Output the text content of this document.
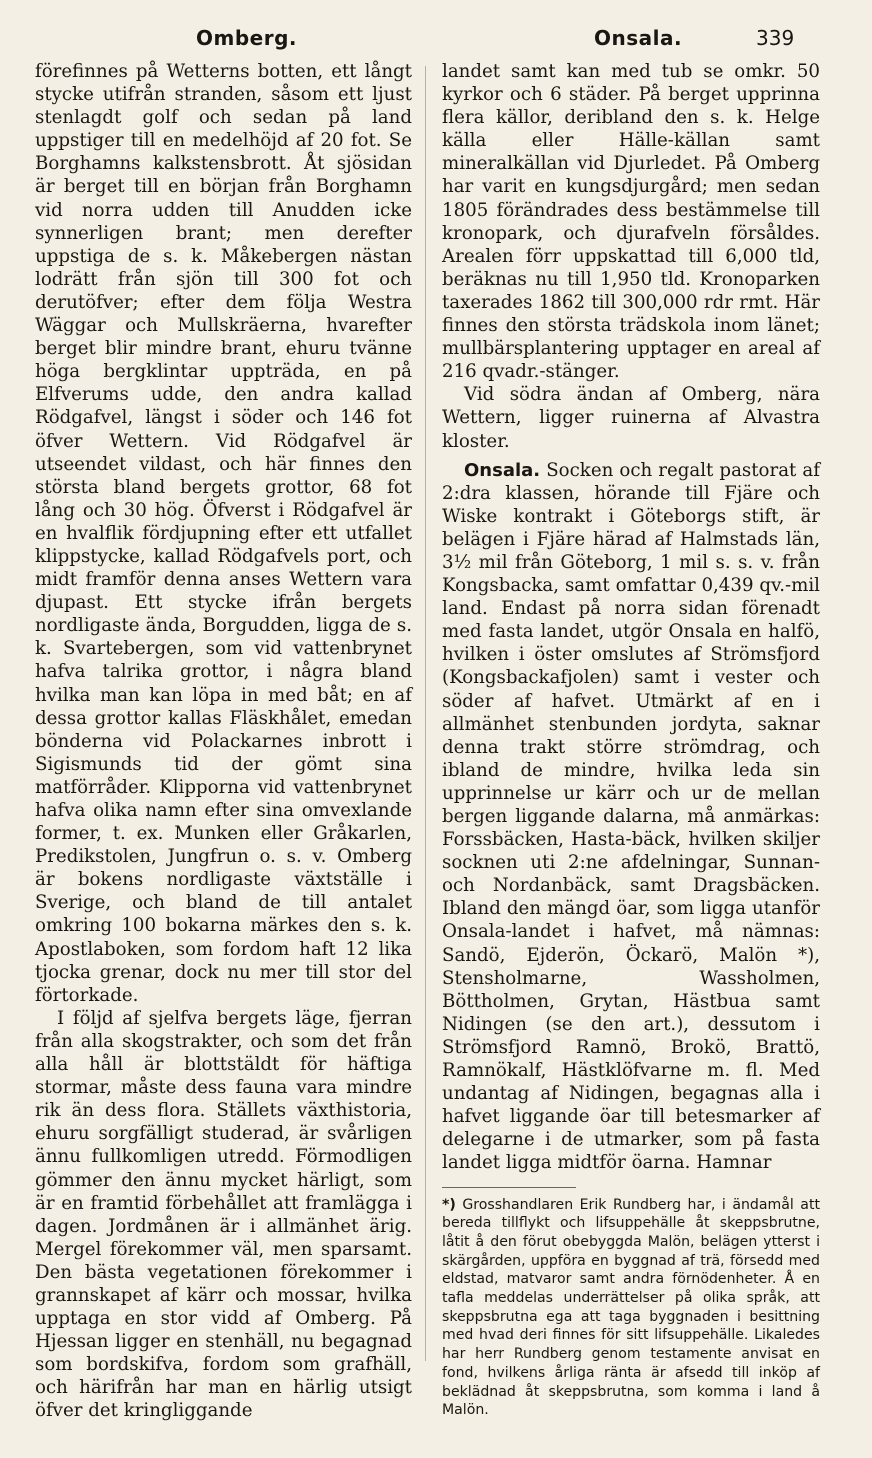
Omberg.	Onsala.	339

förefinnes på Wetterns botten, ett långt stycke utifrån stranden, såsom ett ljust stenlagdt golf och sedan på land uppstiger till en medelhöjd af 20 fot. Se Borghamns kalkstensbrott. Åt sjösidan är berget till en början från Borghamn vid norra udden till Anudden icke synnerligen brant; men derefter uppstiga de s. k. Måkebergen nästan lodrätt från sjön till 300 fot och derutöfver; efter dem följa Westra Wäggar och Mullskräerna, hvarefter berget blir mindre brant, ehuru tvänne höga bergklintar uppträda, en på Elfverums udde, den andra kallad Rödgafvel, längst i söder och 146 fot öfver Wettern. Vid Rödgafvel är utseendet vildast, och här finnes den största bland bergets grottor, 68 fot lång och 30 hög. Öfverst i Rödgafvel är en hvalflik fördjupning efter ett utfallet klippstycke, kallad Rödgafvels port, och midt framför denna anses Wettern vara djupast. Ett stycke ifrån bergets nordligaste ända, Borgudden, ligga de s. k. Svartebergen, som vid vattenbrynet hafva talrika grottor, i några bland hvilka man kan löpa in med båt; en af dessa grottor kallas Fläskhålet, emedan bönderna vid Polackarnes inbrott i Sigismunds tid der gömt sina matförråder. Klipporna vid vattenbrynet hafva olika namn efter sina omvexlande former, t. ex. Munken eller Gråkarlen, Predikstolen, Jungfrun o. s. v. Omberg är bokens nordligaste växtställe i Sverige, och bland de till antalet omkring 100 bokarna märkes den s. k. Apostlaboken, som fordom haft 12 lika tjocka grenar, dock nu mer till stor del förtorkade.

I följd af sjelfva bergets läge, fjerran från alla skogstrakter, och som det från alla håll är blottstäldt för häftiga stormar, måste dess fauna vara mindre rik än dess flora. Ställets växthistoria, ehuru sorgfälligt studerad, är svårligen ännu fullkomligen utredd. Förmodligen gömmer den ännu mycket härligt, som är en framtid förbehållet att framlägga i dagen. Jordmånen är i allmänhet ärig. Mergel förekommer väl, men sparsamt. Den bästa vegetationen förekommer i grannskapet af kärr och mossar, hvilka upptaga en stor vidd af Omberg. På Hjessan ligger en stenhäll, nu begagnad som bordskifva, fordom som grafhäll, och härifrån har man en härlig utsigt öfver det kringliggande

landet samt kan med tub se omkr. 50 kyrkor och 6 städer. På berget upprinna flera källor, deribland den s. k. Helge källa eller Hälle-källan samt mineralkällan vid Djurledet. På Omberg har varit en kungsdjurgård; men sedan 1805 förändrades dess bestämmelse till kronopark, och djurafveln försåldes. Arealen förr uppskattad till 6,000 tld, beräknas nu till 1,950 tld. Kronoparken taxerades 1862 till 300,000 rdr rmt. Här finnes den största trädskola inom länet; mullbärsplantering upptager en areal af 216 qvadr.-stänger.

Vid södra ändan af Omberg, nära Wettern, ligger ruinerna af Alvastra kloster.

Onsala. Socken och regalt pastorat af 2:dra klassen, hörande till Fjäre och Wiske kontrakt i Göteborgs stift, är belägen i Fjäre härad af Halmstads län, 3½ mil från Göteborg, 1 mil s. s. v. från Kongsbacka, samt omfattar 0,439 qv.-mil land. Endast på norra sidan förenadt med fasta landet, utgör Onsala en halfö, hvilken i öster omslutes af Strömsfjord (Kongsbackafjolen) samt i vester och söder af hafvet. Utmärkt af en i allmänhet stenbunden jordyta, saknar denna trakt större strömdrag, och ibland de mindre, hvilka leda sin upprinnelse ur kärr och ur de mellan bergen liggande dalarna, må anmärkas: Forssbäcken, Hasta-bäck, hvilken skiljer socknen uti 2:ne afdelningar, Sunnan- och Nordanbäck, samt Dragsbäcken. Ibland den mängd öar, som ligga utanför Onsala-landet i hafvet, må nämnas: Sandö, Ejderön, Öckarö, Malön *), Stensholmarne, Wassholmen, Böttholmen, Grytan, Hästbua samt Nidingen (se den art.), dessutom i Strömsfjord Ramnö, Brokö, Brattö, Ramnökalf, Hästklöfvarne m. fl. Med undantag af Nidingen, begagnas alla i hafvet liggande öar till betesmarker af delegarne i de utmarker, som på fasta landet ligga midtför öarna. Hamnar

*) Grosshandlaren Erik Rundberg har, i ändamål att bereda tillflykt och lifsuppehälle åt skeppsbrutne, låtit å den förut obebyggda Malön, belägen ytterst i skärgården, uppföra en byggnad af trä, försedd med eldstad, matvaror samt andra förnödenheter. Å en tafla meddelas underrättelser på olika språk, att skeppsbrutna ega att taga byggnaden i besittning med hvad deri finnes för sitt lifsuppehälle. Likaledes har herr Rundberg genom testamente anvisat en fond, hvilkens årliga ränta är afsedd till inköp af beklädnad åt skeppsbrutna, som komma i land å Malön.
